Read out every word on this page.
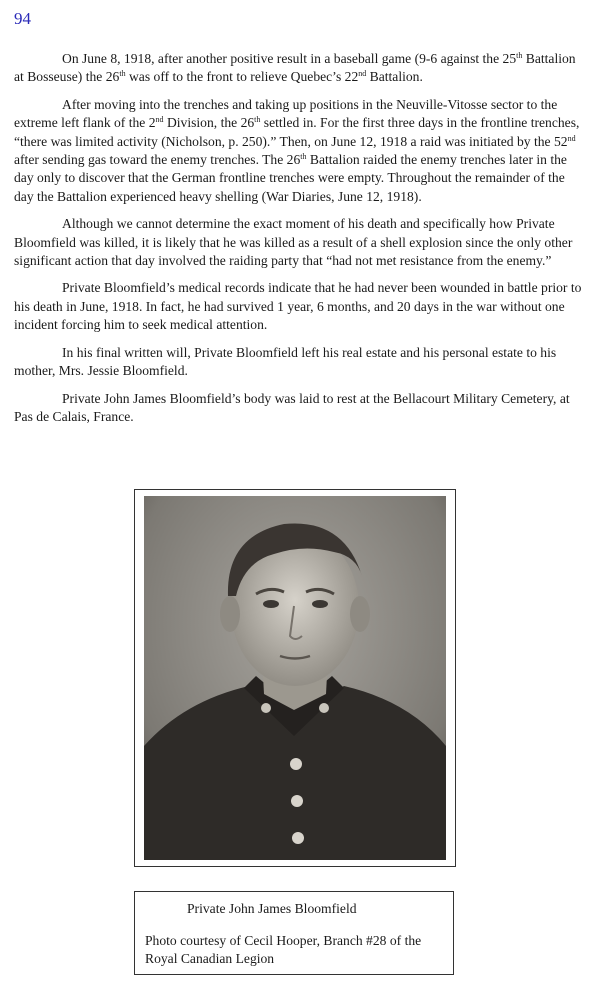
94

On June 8, 1918, after another positive result in a baseball game (9-6 against the 25th Battalion at Bosseuse) the 26th was off to the front to relieve Quebec’s 22nd Battalion.

After moving into the trenches and taking up positions in the Neuville-Vitosse sector to the extreme left flank of the 2nd Division, the 26th settled in. For the first three days in the frontline trenches, “there was limited activity (Nicholson, p. 250).” Then, on June 12, 1918 a raid was initiated by the 52nd after sending gas toward the enemy trenches. The 26th Battalion raided the enemy trenches later in the day only to discover that the German frontline trenches were empty. Throughout the remainder of the day the Battalion experienced heavy shelling (War Diaries, June 12, 1918).

Although we cannot determine the exact moment of his death and specifically how Private Bloomfield was killed, it is likely that he was killed as a result of a shell explosion since the only other significant action that day involved the raiding party that “had not met resistance from the enemy.”

Private Bloomfield’s medical records indicate that he had never been wounded in battle prior to his death in June, 1918. In fact, he had survived 1 year, 6 months, and 20 days in the war without one incident forcing him to seek medical attention.

In his final written will, Private Bloomfield left his real estate and his personal estate to his mother, Mrs. Jessie Bloomfield.

Private John James Bloomfield’s body was laid to rest at the Bellacourt Military Cemetery, at Pas de Calais, France.

Private John James Bloomfield
Photo courtesy of Cecil Hooper, Branch #28 of the Royal Canadian Legion
